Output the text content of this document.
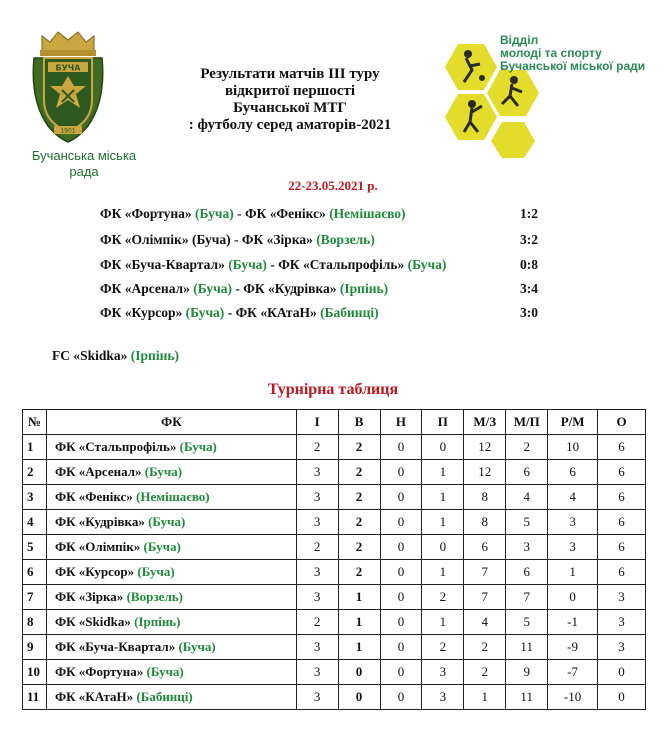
БУЧА
1901
Бучанська міська
рада
Результати матчів ІІІ туру
відкритої першості
Бучанської МТГ
: футболу серед аматорів-2021
Відділ
молоді та спорту
Бучанської міської ради
22-23.05.2021 р.
ФК «Фортуна» (Буча) - ФК «Фенікс» (Немішаєво)	1:2
ФК «Олімпік» (Буча) - ФК «Зірка» (Ворзель)	3:2
ФК «Буча-Квартал» (Буча) - ФК «Стальпрофіль» (Буча)	0:8
ФК «Арсенал» (Буча) - ФК «Кудрівка» (Ірпінь)	3:4
ФК «Курсор» (Буча) - ФК «КАтаН» (Бабинці)	3:0
FC «Skidka» (Ірпінь)
Турнірна таблиця
№	ФК	І	В	Н	П	М/З	М/П	Р/М	О
1	ФК «Стальпрофіль» (Буча)	2	2	0	0	12	2	10	6
2	ФК «Арсенал» (Буча)	3	2	0	1	12	6	6	6
3	ФК «Фенікс» (Немішаєво)	3	2	0	1	8	4	4	6
4	ФК «Кудрівка» (Буча)	3	2	0	1	8	5	3	6
5	ФК «Олімпік» (Буча)	2	2	0	0	6	3	3	6
6	ФК «Курсор» (Буча)	3	2	0	1	7	6	1	6
7	ФК «Зірка» (Ворзель)	3	1	0	2	7	7	0	3
8	ФК «Skidka» (Ірпінь)	2	1	0	1	4	5	-1	3
9	ФК «Буча-Квартал» (Буча)	3	1	0	2	2	11	-9	3
10	ФК «Фортуна» (Буча)	3	0	0	3	2	9	-7	0
11	ФК «КАтаН» (Бабинці)	3	0	0	3	1	11	-10	0
